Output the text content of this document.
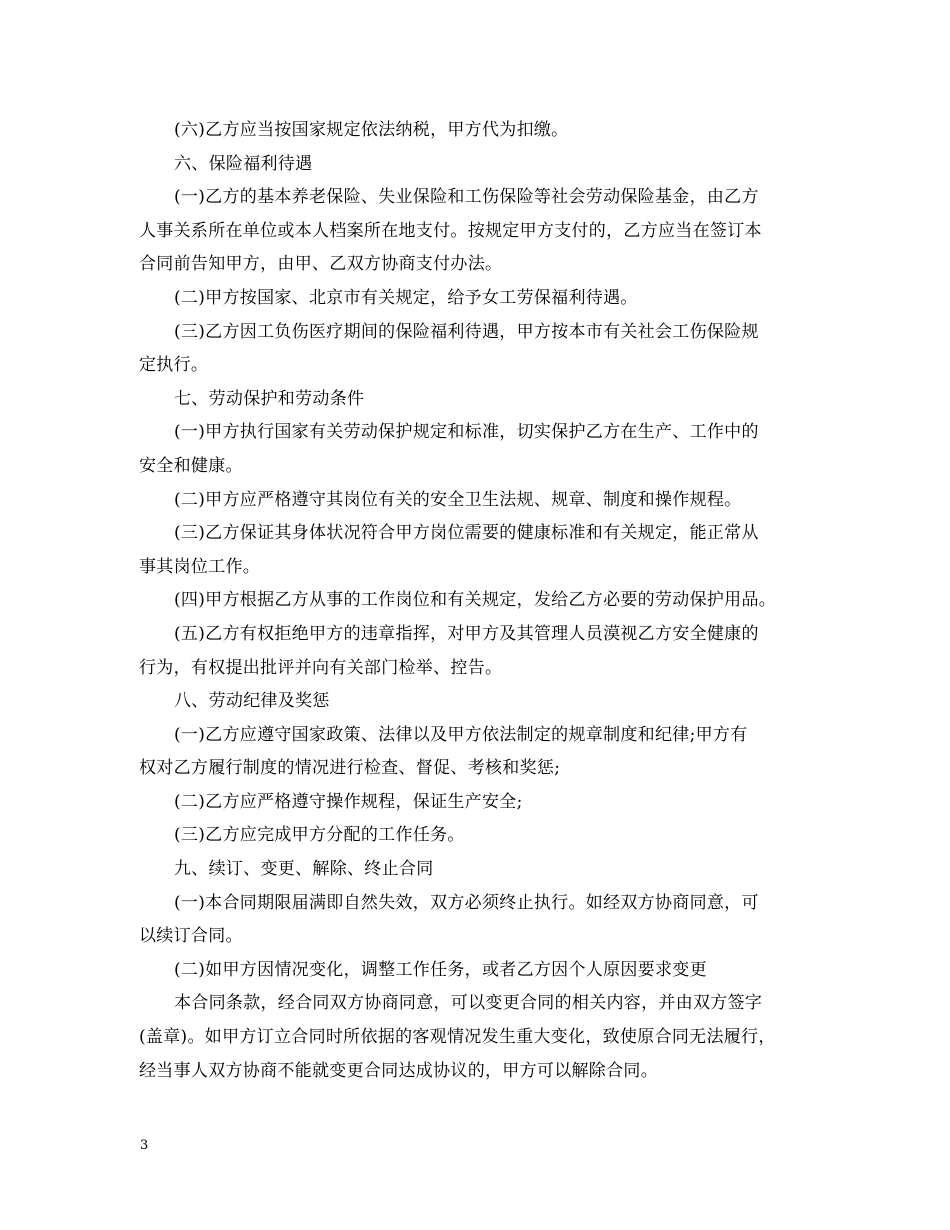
(六)乙方应当按国家规定依法纳税，甲方代为扣缴。
六、保险福利待遇
(一)乙方的基本养老保险、失业保险和工伤保险等社会劳动保险基金，由乙方
人事关系所在单位或本人档案所在地支付。按规定甲方支付的，乙方应当在签订本
合同前告知甲方，由甲、乙双方协商支付办法。
(二)甲方按国家、北京市有关规定，给予女工劳保福利待遇。
(三)乙方因工负伤医疗期间的保险福利待遇，甲方按本市有关社会工伤保险规
定执行。
七、劳动保护和劳动条件
(一)甲方执行国家有关劳动保护规定和标准，切实保护乙方在生产、工作中的
安全和健康。
(二)甲方应严格遵守其岗位有关的安全卫生法规、规章、制度和操作规程。
(三)乙方保证其身体状况符合甲方岗位需要的健康标准和有关规定，能正常从
事其岗位工作。
(四)甲方根据乙方从事的工作岗位和有关规定，发给乙方必要的劳动保护用品。
(五)乙方有权拒绝甲方的违章指挥，对甲方及其管理人员漠视乙方安全健康的
行为，有权提出批评并向有关部门检举、控告。
八、劳动纪律及奖惩
(一)乙方应遵守国家政策、法律以及甲方依法制定的规章制度和纪律;甲方有
权对乙方履行制度的情况进行检查、督促、考核和奖惩;
(二)乙方应严格遵守操作规程，保证生产安全;
(三)乙方应完成甲方分配的工作任务。
九、续订、变更、解除、终止合同
(一)本合同期限届满即自然失效，双方必须终止执行。如经双方协商同意，可
以续订合同。
(二)如甲方因情况变化，调整工作任务，或者乙方因个人原因要求变更
本合同条款，经合同双方协商同意，可以变更合同的相关内容，并由双方签字
(盖章)。如甲方订立合同时所依据的客观情况发生重大变化，致使原合同无法履行，
经当事人双方协商不能就变更合同达成协议的，甲方可以解除合同。
3
